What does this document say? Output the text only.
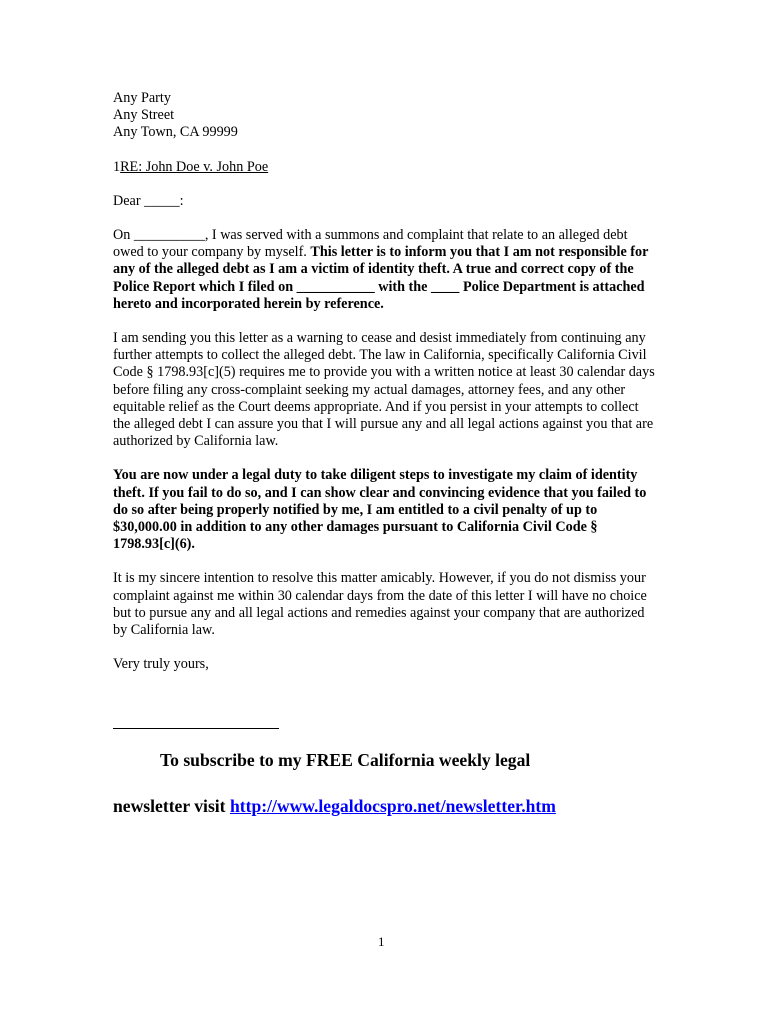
Any Party
Any Street
Any Town, CA 99999

1RE: John Doe v. John Poe

Dear _____:

On __________, I was served with a summons and complaint that relate to an alleged debt owed to your company by myself. This letter is to inform you that I am not responsible for any of the alleged debt as I am a victim of identity theft. A true and correct copy of the Police Report which I filed on ___________ with the ____ Police Department is attached hereto and incorporated herein by reference.

I am sending you this letter as a warning to cease and desist immediately from continuing any further attempts to collect the alleged debt. The law in California, specifically California Civil Code § 1798.93[c](5) requires me to provide you with a written notice at least 30 calendar days before filing any cross-complaint seeking my actual damages, attorney fees, and any other equitable relief as the Court deems appropriate. And if you persist in your attempts to collect the alleged debt I can assure you that I will pursue any and all legal actions against you that are authorized by California law.

You are now under a legal duty to take diligent steps to investigate my claim of identity theft. If you fail to do so, and I can show clear and convincing evidence that you failed to do so after being properly notified by me, I am entitled to a civil penalty of up to $30,000.00 in addition to any other damages pursuant to California Civil Code § 1798.93[c](6).

It is my sincere intention to resolve this matter amicably. However, if you do not dismiss your complaint against me within 30 calendar days from the date of this letter I will have no choice but to pursue any and all legal actions and remedies against your company that are authorized by California law.

Very truly yours,

To subscribe to my FREE California weekly legal
newsletter visit http://www.legaldocspro.net/newsletter.htm
1
